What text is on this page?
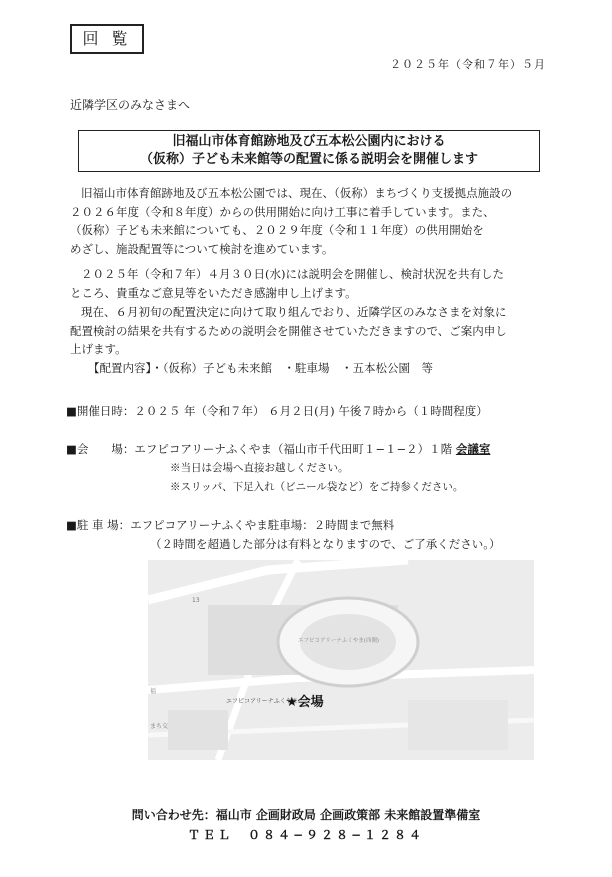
回 覧
２０２５年（令和７年）５月
近隣学区のみなさまへ
旧福山市体育館跡地及び五本松公園内における
（仮称）子ども未来館等の配置に係る説明会を開催します
旧福山市体育館跡地及び五本松公園では、現在、（仮称）まちづくり支援拠点施設の
２０２６年度（令和８年度）からの供用開始に向け工事に着手しています。また、
（仮称）子ども未来館についても、２０２９年度（令和１１年度）の供用開始を
めざし、施設配置等について検討を進めています。
２０２５年（令和７年）４月３０日(水)には説明会を開催し、検討状況を共有した
ところ、貴重なご意見等をいただき感謝申し上げます。
現在、６月初旬の配置決定に向けて取り組んでおり、近隣学区のみなさまを対象に
配置検討の結果を共有するための説明会を開催させていただきますので、ご案内申し
上げます。
【配置内容】・（仮称）子ども未来館　・駐車場　・五本松公園　等
■開催日時：２０２５ 年（令和７年） ６月２日(月) 午後７時から（１時間程度）
■会　　場：エフピコアリーナふくやま（福山市千代田町１−１−２）１階 会議室
※当日は会場へ直接お越しください。
※スリッパ、下足入れ（ビニール袋など）をご持参ください。
■駐 車 場：エフピコアリーナふくやま駐車場：２時間まで無料
（２時間を超過した部分は有料となりますので、ご了承ください。）
13
エフピコアリーナふくやま(西側)
エフピコアリーナふくやま
★会場
福
まち交
問い合わせ先：福山市 企画財政局 企画政策部 未来館設置準備室
ＴＥＬ　０８４−９２８−１２８４
